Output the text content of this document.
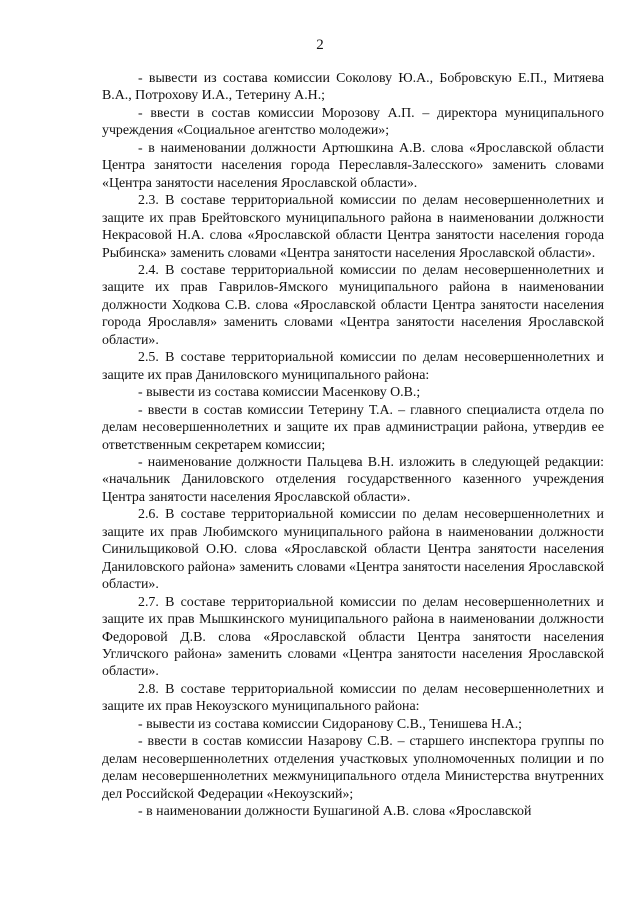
2

- вывести из состава комиссии Соколову Ю.А., Бобровскую Е.П., Митяева В.А., Потрохову И.А., Тетерину А.Н.;

- ввести в состав комиссии Морозову А.П. – директора муниципального учреждения «Социальное агентство молодежи»;

- в наименовании должности Артюшкина А.В. слова «Ярославской области Центра занятости населения города Переславля-Залесского» заменить словами «Центра занятости населения Ярославской области».

2.3. В составе территориальной комиссии по делам несовершеннолетних и защите их прав Брейтовского муниципального района в наименовании должности Некрасовой Н.А. слова «Ярославской области Центра занятости населения города Рыбинска» заменить словами «Центра занятости населения Ярославской области».

2.4. В составе территориальной комиссии по делам несовершеннолетних и защите их прав Гаврилов-Ямского муниципального района в наименовании должности Ходкова С.В. слова «Ярославской области Центра занятости населения города Ярославля» заменить словами «Центра занятости населения Ярославской области».

2.5. В составе территориальной комиссии по делам несовершеннолетних и защите их прав Даниловского муниципального района:

- вывести из состава комиссии Масенкову О.В.;

- ввести в состав комиссии Тетерину Т.А. – главного специалиста отдела по делам несовершеннолетних и защите их прав администрации района, утвердив ее ответственным секретарем комиссии;

- наименование должности Пальцева В.Н. изложить в следующей редакции: «начальник Даниловского отделения государственного казенного учреждения Центра занятости населения Ярославской области».

2.6. В составе территориальной комиссии по делам несовершеннолетних и защите их прав Любимского муниципального района в наименовании должности Синильщиковой О.Ю. слова «Ярославской области Центра занятости населения Даниловского района» заменить словами «Центра занятости населения Ярославской области».

2.7. В составе территориальной комиссии по делам несовершеннолетних и защите их прав Мышкинского муниципального района в наименовании должности Федоровой Д.В. слова «Ярославской области Центра занятости населения Угличского района» заменить словами «Центра занятости населения Ярославской области».

2.8. В составе территориальной комиссии по делам несовершеннолетних и защите их прав Некоузского муниципального района:

- вывести из состава комиссии Сидоранову С.В., Тенишева Н.А.;

- ввести в состав комиссии Назарову С.В. – старшего инспектора группы по делам несовершеннолетних отделения участковых уполномоченных полиции и по делам несовершеннолетних межмуниципального отдела Министерства внутренних дел Российской Федерации «Некоузский»;

- в наименовании должности Бушагиной А.В. слова «Ярославской
